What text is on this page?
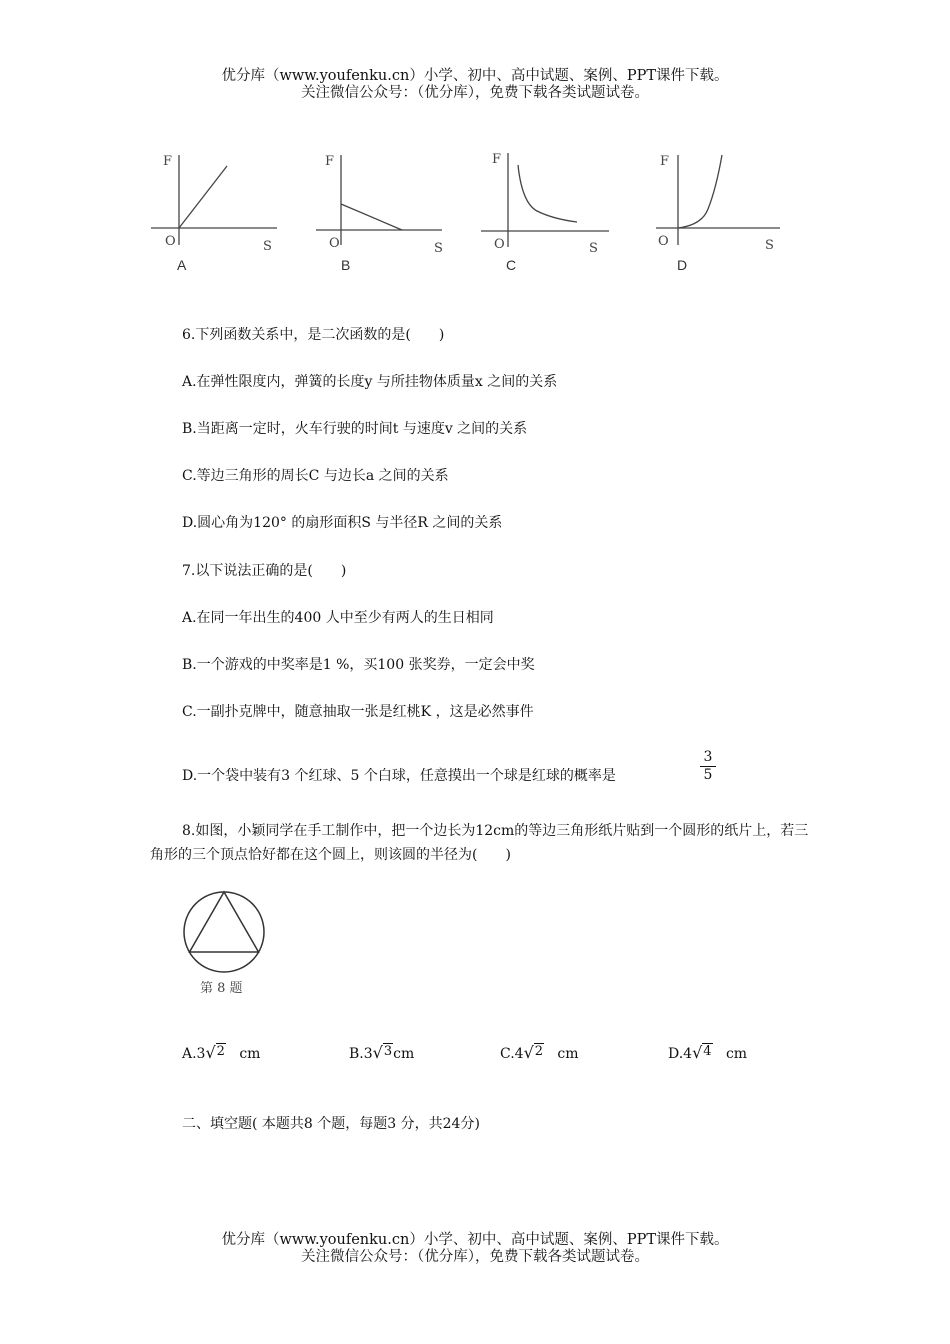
优分库（www.youfenku.cn）小学、初中、高中试题、案例、PPT课件下载。
关注微信公众号：（优分库），免费下载各类试题试卷。
F
O	S
A
F
O	S
B
F
O	S
C
F
O	S
D
6.下列函数关系中，是二次函数的是(　　)
A.在弹性限度内，弹簧的长度y 与所挂物体质量x 之间的关系
B.当距离一定时，火车行驶的时间t 与速度v 之间的关系
C.等边三角形的周长C 与边长a 之间的关系
D.圆心角为120° 的扇形面积S 与半径R 之间的关系
7.以下说法正确的是(　　)
A.在同一年出生的400 人中至少有两人的生日相同
B.一个游戏的中奖率是1 %，买100 张奖券，一定会中奖
C.一副扑克牌中，随意抽取一张是红桃K ，这是必然事件
D.一个袋中装有3 个红球、5 个白球，任意摸出一个球是红球的概率是	$\frac{3}{5}$
8.如图，小颖同学在手工制作中，把一个边长为12cm的等边三角形纸片贴到一个圆形的纸片上，若三角形的三个顶点恰好都在这个圆上，则该圆的半径为(　　)
第 8 题
A.3√2 cm	B.3√3cm	C.4√2 cm	D.4√4 cm
二、填空题( 本题共8 个题，每题3 分，共24分)
优分库（www.youfenku.cn）小学、初中、高中试题、案例、PPT课件下载。
关注微信公众号：（优分库），免费下载各类试题试卷。
